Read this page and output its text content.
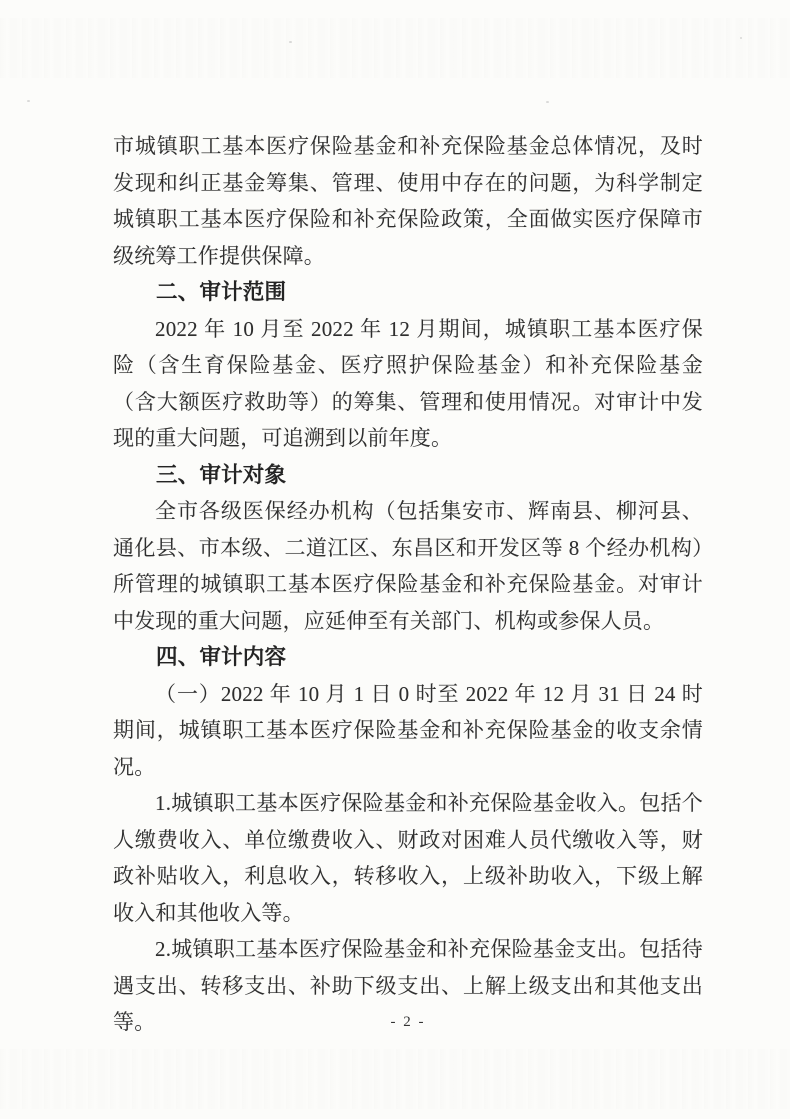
市城镇职工基本医疗保险基金和补充保险基金总体情况，及时发现和纠正基金筹集、管理、使用中存在的问题，为科学制定城镇职工基本医疗保险和补充保险政策，全面做实医疗保障市级统筹工作提供保障。

二、审计范围

2022 年 10 月至 2022 年 12 月期间，城镇职工基本医疗保险（含生育保险基金、医疗照护保险基金）和补充保险基金（含大额医疗救助等）的筹集、管理和使用情况。对审计中发现的重大问题，可追溯到以前年度。

三、审计对象

全市各级医保经办机构（包括集安市、辉南县、柳河县、通化县、市本级、二道江区、东昌区和开发区等 8 个经办机构）所管理的城镇职工基本医疗保险基金和补充保险基金。对审计中发现的重大问题，应延伸至有关部门、机构或参保人员。

四、审计内容

（一）2022 年 10 月 1 日 0 时至 2022 年 12 月 31 日 24 时期间，城镇职工基本医疗保险基金和补充保险基金的收支余情况。

1.城镇职工基本医疗保险基金和补充保险基金收入。包括个人缴费收入、单位缴费收入、财政对困难人员代缴收入等，财政补贴收入，利息收入，转移收入，上级补助收入，下级上解收入和其他收入等。

2.城镇职工基本医疗保险基金和补充保险基金支出。包括待遇支出、转移支出、补助下级支出、上解上级支出和其他支出等。	- 2 -
